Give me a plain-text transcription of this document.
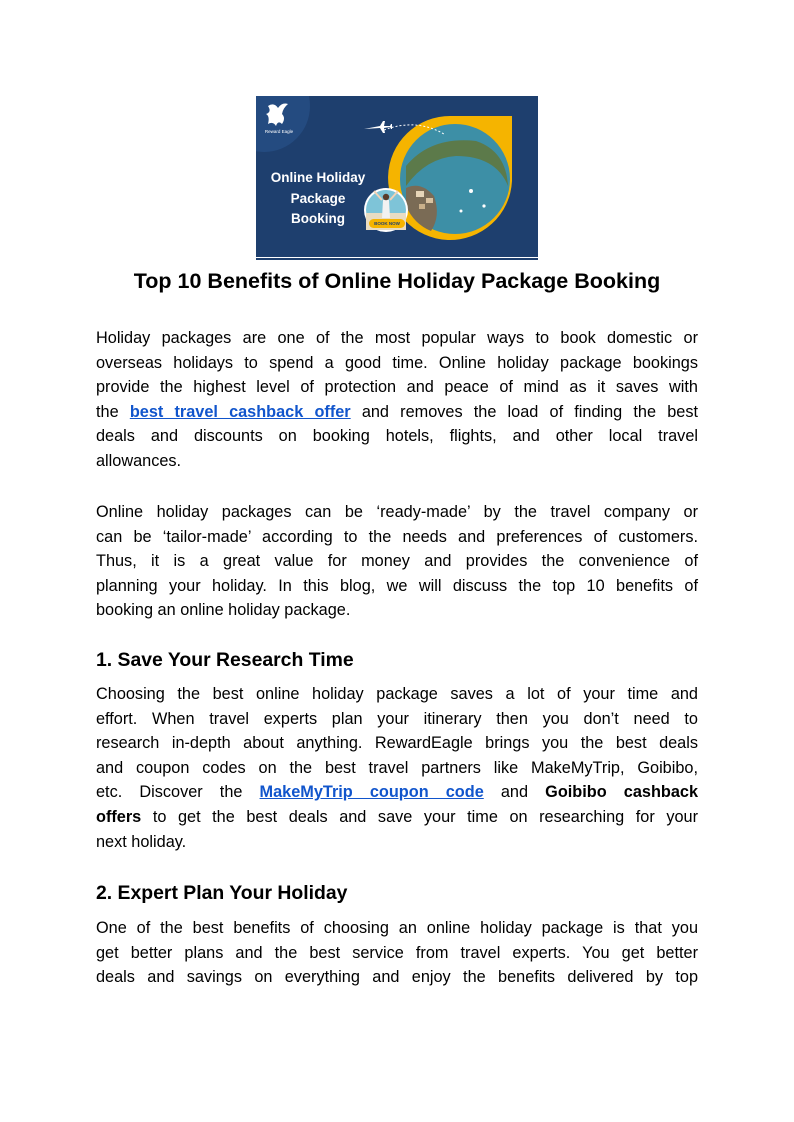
Reward Eagle
Online Holiday
Package
Booking	BOOK NOW
Top 10 Benefits of Online Holiday Package Booking

Holiday packages are one of the most popular ways to book domestic or
overseas holidays to spend a good time. Online holiday package bookings
provide the highest level of protection and peace of mind as it saves with
the best travel cashback offer and removes the load of finding the best
deals and discounts on booking hotels, flights, and other local travel
allowances.

Online holiday packages can be ‘ready-made’ by the travel company or
can be ‘tailor-made’ according to the needs and preferences of customers.
Thus, it is a great value for money and provides the convenience of
planning your holiday. In this blog, we will discuss the top 10 benefits of
booking an online holiday package.

1. Save Your Research Time

Choosing the best online holiday package saves a lot of your time and
effort. When travel experts plan your itinerary then you don’t need to
research in-depth about anything. RewardEagle brings you the best deals
and coupon codes on the best travel partners like MakeMyTrip, Goibibo,
etc. Discover the MakeMyTrip coupon code and Goibibo cashback
offers to get the best deals and save your time on researching for your
next holiday.

2. Expert Plan Your Holiday

One of the best benefits of choosing an online holiday package is that you
get better plans and the best service from travel experts. You get better
deals and savings on everything and enjoy the benefits delivered by top
